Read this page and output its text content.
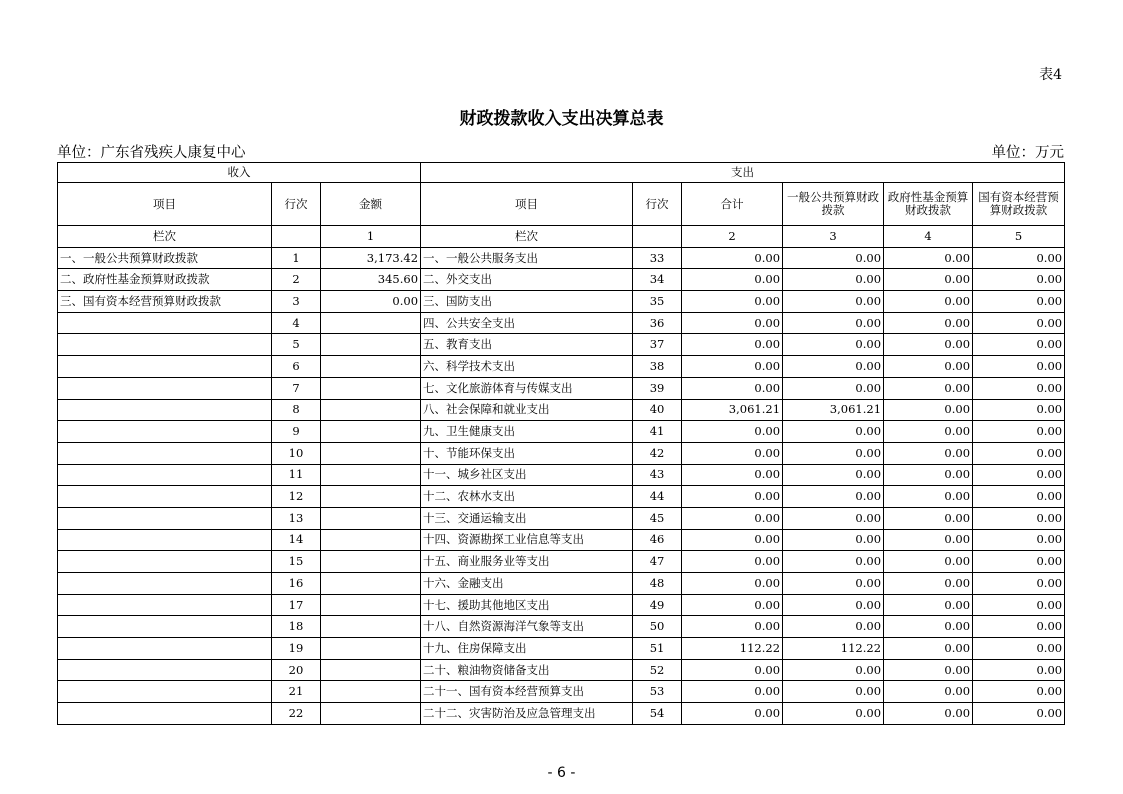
表4
财政拨款收入支出决算总表
单位：广东省残疾人康复中心	单位：万元
收入			支出					
项目	行次	金额	项目	行次	合计	一般公共预算财政拨款	政府性基金预算财政拨款	国有资本经营预算财政拨款
栏次		1	栏次		2	3	4	5
一、一般公共预算财政拨款	1	3,173.42	一、一般公共服务支出	33	0.00	0.00	0.00	0.00
二、政府性基金预算财政拨款	2	345.60	二、外交支出	34	0.00	0.00	0.00	0.00
三、国有资本经营预算财政拨款	3	0.00	三、国防支出	35	0.00	0.00	0.00	0.00
	4		四、公共安全支出	36	0.00	0.00	0.00	0.00
	5		五、教育支出	37	0.00	0.00	0.00	0.00
	6		六、科学技术支出	38	0.00	0.00	0.00	0.00
	7		七、文化旅游体育与传媒支出	39	0.00	0.00	0.00	0.00
	8		八、社会保障和就业支出	40	3,061.21	3,061.21	0.00	0.00
	9		九、卫生健康支出	41	0.00	0.00	0.00	0.00
	10		十、节能环保支出	42	0.00	0.00	0.00	0.00
	11		十一、城乡社区支出	43	0.00	0.00	0.00	0.00
	12		十二、农林水支出	44	0.00	0.00	0.00	0.00
	13		十三、交通运输支出	45	0.00	0.00	0.00	0.00
	14		十四、资源勘探工业信息等支出	46	0.00	0.00	0.00	0.00
	15		十五、商业服务业等支出	47	0.00	0.00	0.00	0.00
	16		十六、金融支出	48	0.00	0.00	0.00	0.00
	17		十七、援助其他地区支出	49	0.00	0.00	0.00	0.00
	18		十八、自然资源海洋气象等支出	50	0.00	0.00	0.00	0.00
	19		十九、住房保障支出	51	112.22	112.22	0.00	0.00
	20		二十、粮油物资储备支出	52	0.00	0.00	0.00	0.00
	21		二十一、国有资本经营预算支出	53	0.00	0.00	0.00	0.00
	22		二十二、灾害防治及应急管理支出	54	0.00	0.00	0.00	0.00
- 6 -
